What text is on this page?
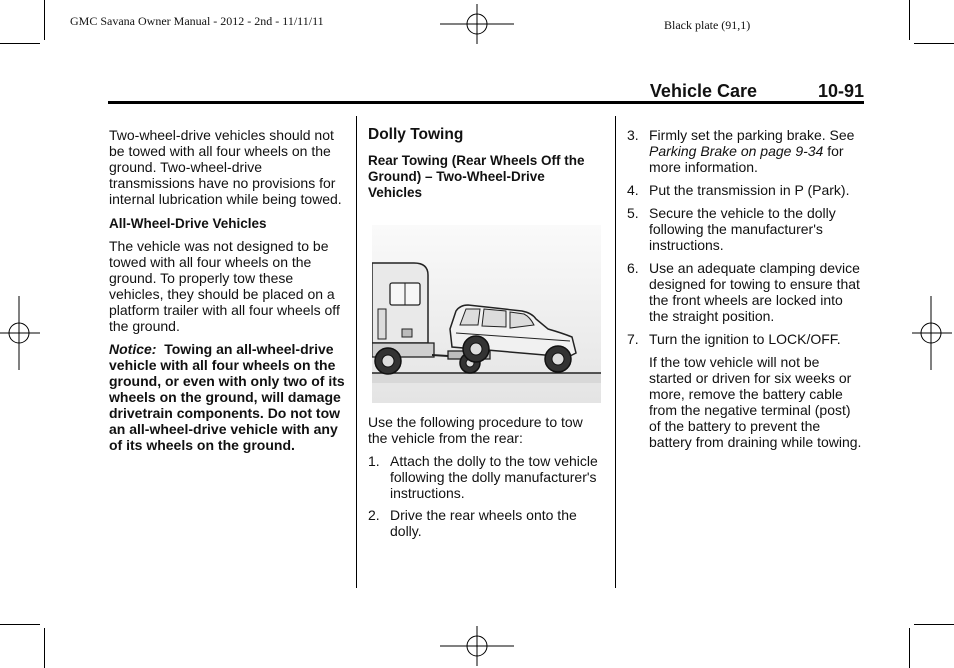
GMC Savana Owner Manual - 2012 - 2nd - 11/11/11	Black plate (91,1)
Vehicle Care	10-91

Two-wheel-drive vehicles should not be towed with all four wheels on the ground. Two-wheel-drive transmissions have no provisions for internal lubrication while being towed.

All-Wheel-Drive Vehicles

The vehicle was not designed to be towed with all four wheels on the ground. To properly tow these vehicles, they should be placed on a platform trailer with all four wheels off the ground.

Notice: Towing an all-wheel-drive vehicle with all four wheels on the ground, or even with only two of its wheels on the ground, will damage drivetrain components. Do not tow an all-wheel-drive vehicle with any of its wheels on the ground.

Dolly Towing

Rear Towing (Rear Wheels Off the Ground) – Two-Wheel-Drive Vehicles

Use the following procedure to tow the vehicle from the rear:

1. Attach the dolly to the tow vehicle following the dolly manufacturer's instructions.
2. Drive the rear wheels onto the dolly.
3. Firmly set the parking brake. See Parking Brake on page 9-34 for more information.
4. Put the transmission in P (Park).
5. Secure the vehicle to the dolly following the manufacturer's instructions.
6. Use an adequate clamping device designed for towing to ensure that the front wheels are locked into the straight position.
7. Turn the ignition to LOCK/OFF.

If the tow vehicle will not be started or driven for six weeks or more, remove the battery cable from the negative terminal (post) of the battery to prevent the battery from draining while towing.
